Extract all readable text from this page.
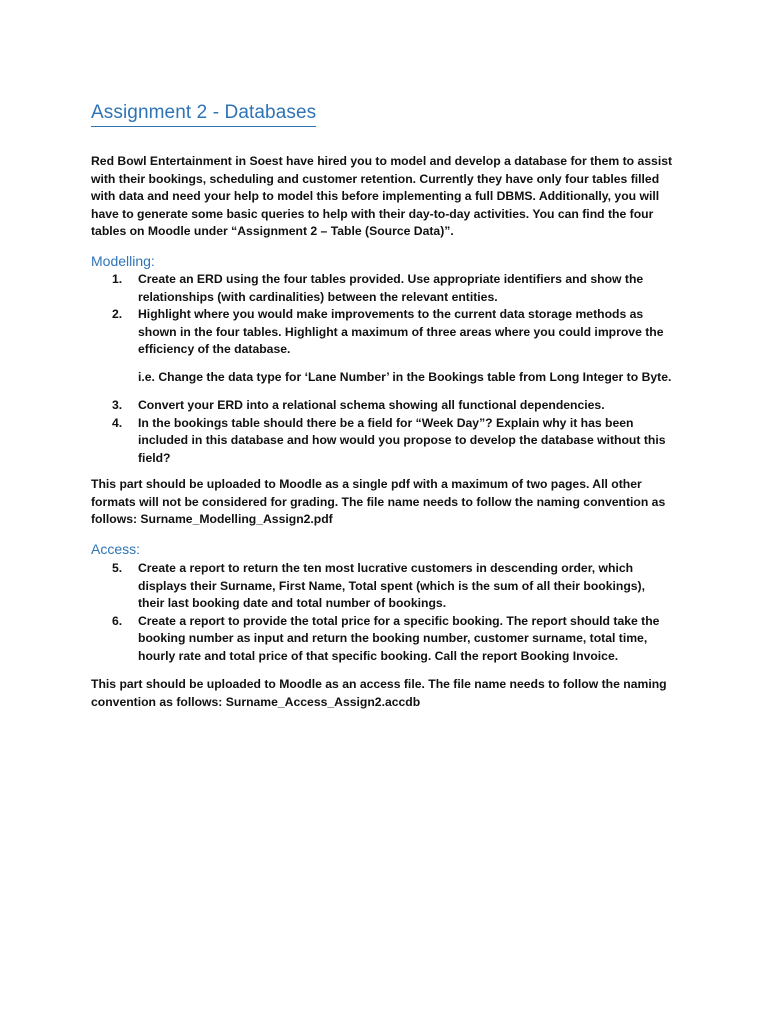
Assignment 2 - Databases

Red Bowl Entertainment in Soest have hired you to model and develop a database for them to assist with their bookings, scheduling and customer retention. Currently they have only four tables filled with data and need your help to model this before implementing a full DBMS. Additionally, you will have to generate some basic queries to help with their day-to-day activities. You can find the four tables on Moodle under “Assignment 2 – Table (Source Data)”.

Modelling:
1. Create an ERD using the four tables provided. Use appropriate identifiers and show the relationships (with cardinalities) between the relevant entities.
2. Highlight where you would make improvements to the current data storage methods as shown in the four tables. Highlight a maximum of three areas where you could improve the efficiency of the database.

i.e. Change the data type for ‘Lane Number’ in the Bookings table from Long Integer to Byte.

3. Convert your ERD into a relational schema showing all functional dependencies.
4. In the bookings table should there be a field for “Week Day”? Explain why it has been included in this database and how would you propose to develop the database without this field?

This part should be uploaded to Moodle as a single pdf with a maximum of two pages. All other formats will not be considered for grading. The file name needs to follow the naming convention as follows: Surname_Modelling_Assign2.pdf

Access:
5. Create a report to return the ten most lucrative customers in descending order, which displays their Surname, First Name, Total spent (which is the sum of all their bookings), their last booking date and total number of bookings.
6. Create a report to provide the total price for a specific booking. The report should take the booking number as input and return the booking number, customer surname, total time, hourly rate and total price of that specific booking. Call the report Booking Invoice.

This part should be uploaded to Moodle as an access file. The file name needs to follow the naming convention as follows: Surname_Access_Assign2.accdb
